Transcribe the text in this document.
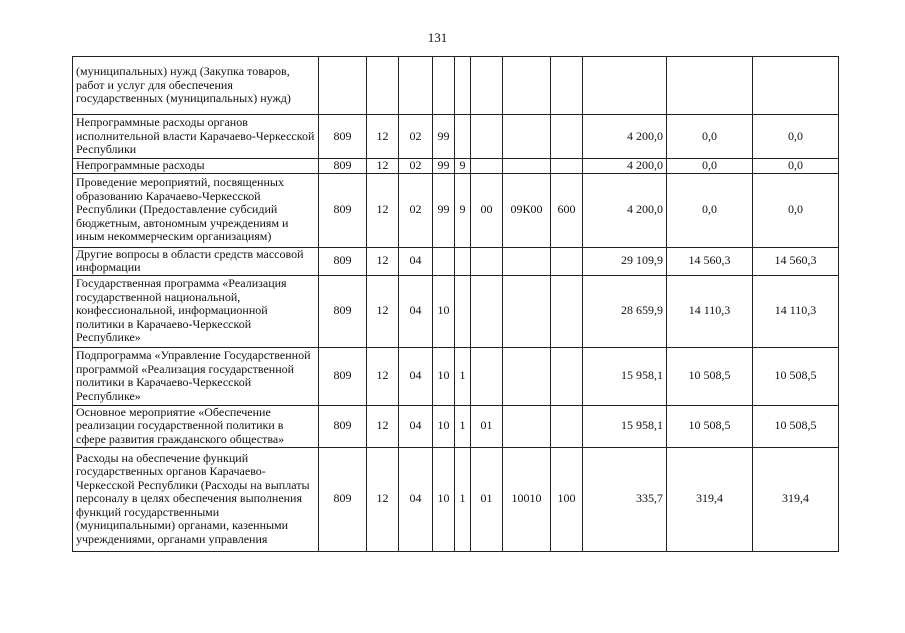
131
(муниципальных) нужд (Закупка товаров, работ и услуг для обеспечения государственных (муниципальных) нужд)											
Непрограммные расходы органов исполнительной власти Карачаево-Черкесской Республики	809	12	02	99					4 200,0	0,0	0,0
Непрограммные расходы	809	12	02	99	9				4 200,0	0,0	0,0
Проведение мероприятий, посвященных образованию Карачаево-Черкесской Республики (Предоставление субсидий бюджетным, автономным учреждениям и иным некоммерческим организациям)	809	12	02	99	9	00	09К00	600	4 200,0	0,0	0,0
Другие вопросы в области средств массовой информации	809	12	04						29 109,9	14 560,3	14 560,3
Государственная программа «Реализация государственной национальной, конфессиональной, информационной политики в Карачаево-Черкесской Республике»	809	12	04	10					28 659,9	14 110,3	14 110,3
Подпрограмма «Управление Государственной программой «Реализация государственной политики в Карачаево-Черкесской Республике»	809	12	04	10	1				15 958,1	10 508,5	10 508,5
Основное мероприятие «Обеспечение реализации государственной политики в сфере развития гражданского общества»	809	12	04	10	1	01			15 958,1	10 508,5	10 508,5
Расходы на обеспечение функций государственных органов Карачаево-Черкесской Республики (Расходы на выплаты персоналу в целях обеспечения выполнения функций государственными (муниципальными) органами, казенными учреждениями, органами управления	809	12	04	10	1	01	10010	100	335,7	319,4	319,4
